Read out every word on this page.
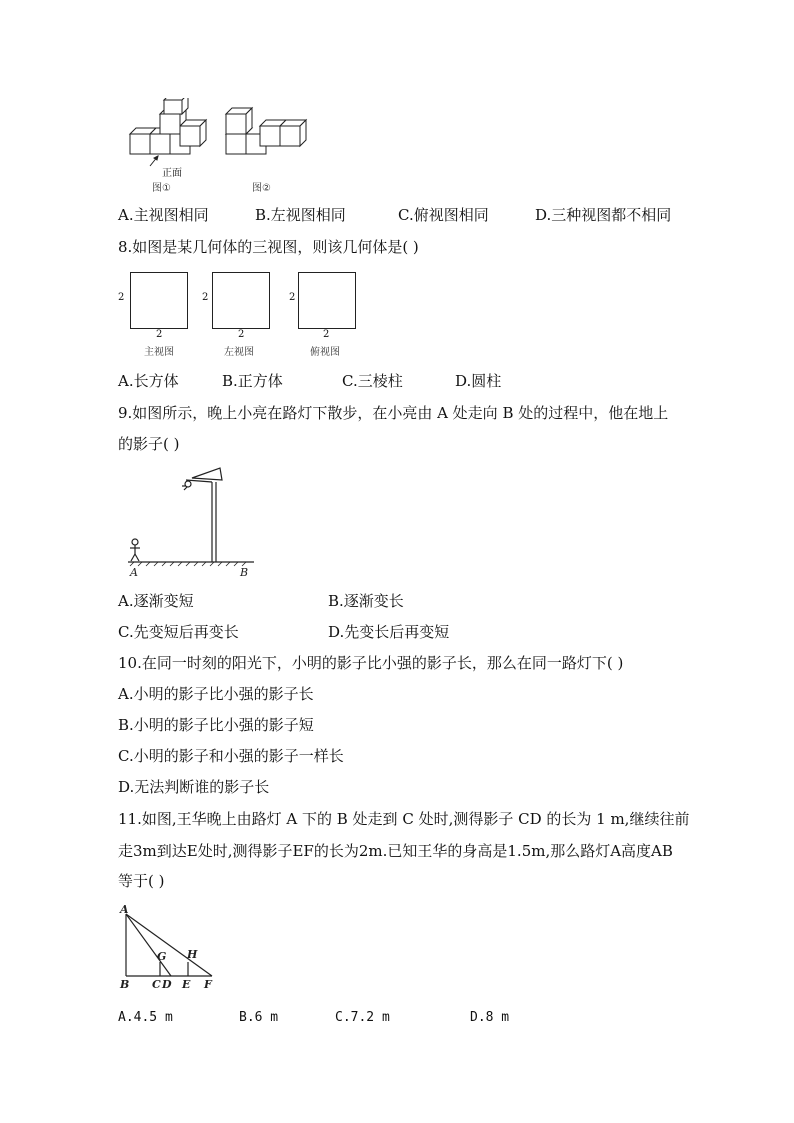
正面
图①	图②
A.主视图相同	B.左视图相同	C.俯视图相同	D.三种视图都不相同
8.如图是某几何体的三视图，则该几何体是( )
2
2
主视图
2
2
左视图
2
2
俯视图
A.长方体	B.正方体	C.三棱柱	D.圆柱
9.如图所示，晚上小亮在路灯下散步，在小亮由 A 处走向 B 处的过程中，他在地上
的影子( )
A	B
A.逐渐变短	B.逐渐变长
C.先变短后再变长	D.先变长后再变短
10.在同一时刻的阳光下，小明的影子比小强的影子长，那么在同一路灯下( )
A.小明的影子比小强的影子长
B.小明的影子比小强的影子短
C.小明的影子和小强的影子一样长
D.无法判断谁的影子长
11.如图,王华晚上由路灯 A 下的 B 处走到 C 处时,测得影子 CD 的长为 1 m,继续往前
走3m到达E处时,测得影子EF的长为2m.已知王华的身高是1.5m,那么路灯A高度AB
等于( )
A
B
G H
C D E F
A.4.5 m	B.6 m	C.7.2 m	D.8 m
